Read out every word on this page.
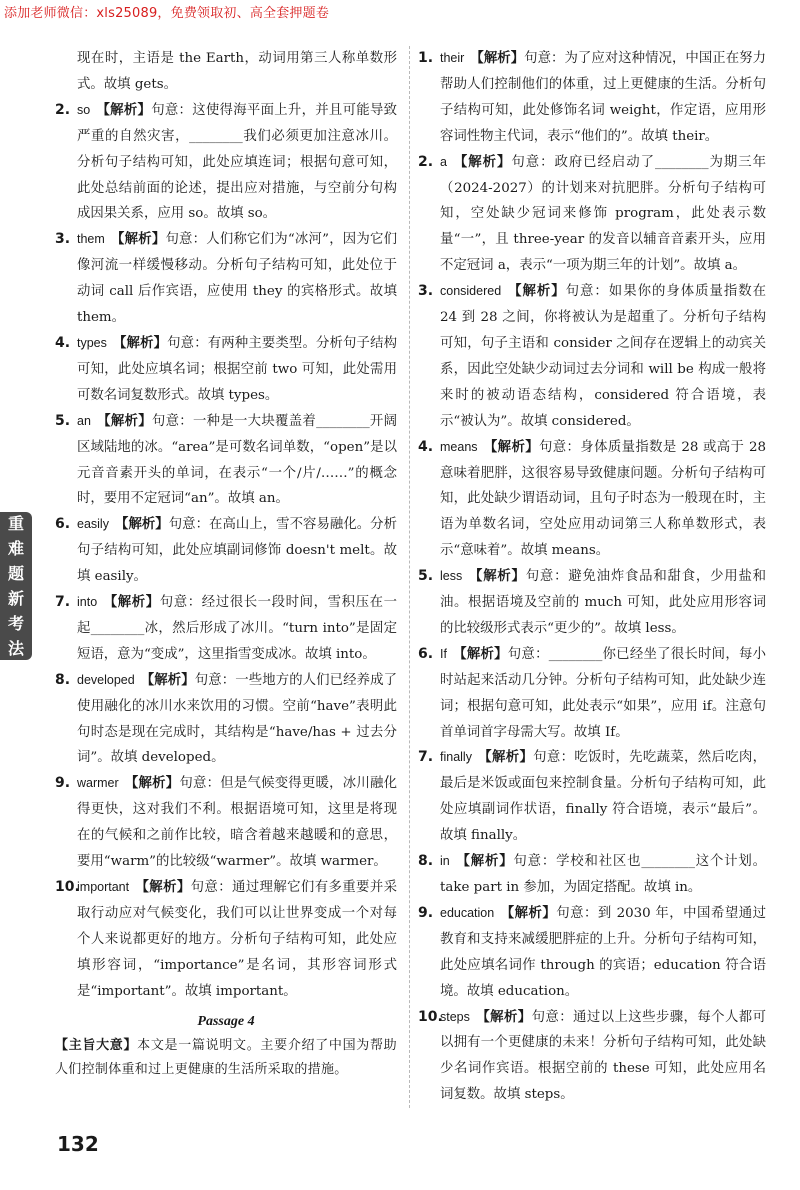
添加老师微信：xls25089，免费领取初、高全套押题卷
重
难
题
新
考
法
现在时，主语是 the Earth，动词用第三人称单数形式。故填 gets。
2. so 【解析】句意：这使得海平面上升，并且可能导致严重的自然灾害，________我们必须更加注意冰川。分析句子结构可知，此处应填连词；根据句意可知，此处总结前面的论述，提出应对措施，与空前分句构成因果关系，应用 so。故填 so。
3. them 【解析】句意：人们称它们为“冰河”，因为它们像河流一样缓慢移动。分析句子结构可知，此处位于动词 call 后作宾语，应使用 they 的宾格形式。故填 them。
4. types 【解析】句意：有两种主要类型。分析句子结构可知，此处应填名词；根据空前 two 可知，此处需用可数名词复数形式。故填 types。
5. an 【解析】句意：一种是一大块覆盖着________开阔区域陆地的冰。“area”是可数名词单数，“open”是以元音音素开头的单词，在表示“一个/片/……”的概念时，要用不定冠词“an”。故填 an。
6. easily 【解析】句意：在高山上，雪不容易融化。分析句子结构可知，此处应填副词修饰 doesn't melt。故填 easily。
7. into 【解析】句意：经过很长一段时间，雪积压在一起________冰，然后形成了冰川。“turn into”是固定短语，意为“变成”，这里指雪变成冰。故填 into。
8. developed 【解析】句意：一些地方的人们已经养成了使用融化的冰川水来饮用的习惯。空前“have”表明此句时态是现在完成时，其结构是“have/has + 过去分词”。故填 developed。
9. warmer 【解析】句意：但是气候变得更暖，冰川融化得更快，这对我们不利。根据语境可知，这里是将现在的气候和之前作比较，暗含着越来越暖和的意思，要用“warm”的比较级“warmer”。故填 warmer。
10.
important 【解析】句意：通过理解它们有多重要并采取行动应对气候变化，我们可以让世界变成一个对每个人来说都更好的地方。分析句子结构可知，此处应填形容词，“importance”是名词，其形容词形式是“important”。故填 important。
Passage 4
【主旨大意】本文是一篇说明文。主要介绍了中国为帮助人们控制体重和过上更健康的生活所采取的措施。
1. their 【解析】句意：为了应对这种情况，中国正在努力帮助人们控制他们的体重，过上更健康的生活。分析句子结构可知，此处修饰名词 weight，作定语，应用形容词性物主代词，表示“他们的”。故填 their。
2. a 【解析】句意：政府已经启动了________为期三年（2024-2027）的计划来对抗肥胖。分析句子结构可知，空处缺少冠词来修饰 program，此处表示数量“一”，且 three-year 的发音以辅音音素开头，应用不定冠词 a，表示“一项为期三年的计划”。故填 a。
3. considered 【解析】句意：如果你的身体质量指数在 24 到 28 之间，你将被认为是超重了。分析句子结构可知，句子主语和 consider 之间存在逻辑上的动宾关系，因此空处缺少动词过去分词和 will be 构成一般将来时的被动语态结构，considered 符合语境，表示“被认为”。故填 considered。
4. means 【解析】句意：身体质量指数是 28 或高于 28 意味着肥胖，这很容易导致健康问题。分析句子结构可知，此处缺少谓语动词，且句子时态为一般现在时，主语为单数名词，空处应用动词第三人称单数形式，表示“意味着”。故填 means。
5. less 【解析】句意：避免油炸食品和甜食，少用盐和油。根据语境及空前的 much 可知，此处应用形容词的比较级形式表示“更少的”。故填 less。
6. If 【解析】句意：________你已经坐了很长时间，每小时站起来活动几分钟。分析句子结构可知，此处缺少连词；根据句意可知，此处表示“如果”，应用 if。注意句首单词首字母需大写。故填 If。
7. finally 【解析】句意：吃饭时，先吃蔬菜，然后吃肉，最后是米饭或面包来控制食量。分析句子结构可知，此处应填副词作状语，finally 符合语境，表示“最后”。故填 finally。
8. in 【解析】句意：学校和社区也________这个计划。take part in 参加，为固定搭配。故填 in。
9. education 【解析】句意：到 2030 年，中国希望通过教育和支持来减缓肥胖症的上升。分析句子结构可知，此处应填名词作 through 的宾语；education 符合语境。故填 education。
10.
steps 【解析】句意：通过以上这些步骤，每个人都可以拥有一个更健康的未来！分析句子结构可知，此处缺少名词作宾语。根据空前的 these 可知，此处应用名词复数。故填 steps。
132
